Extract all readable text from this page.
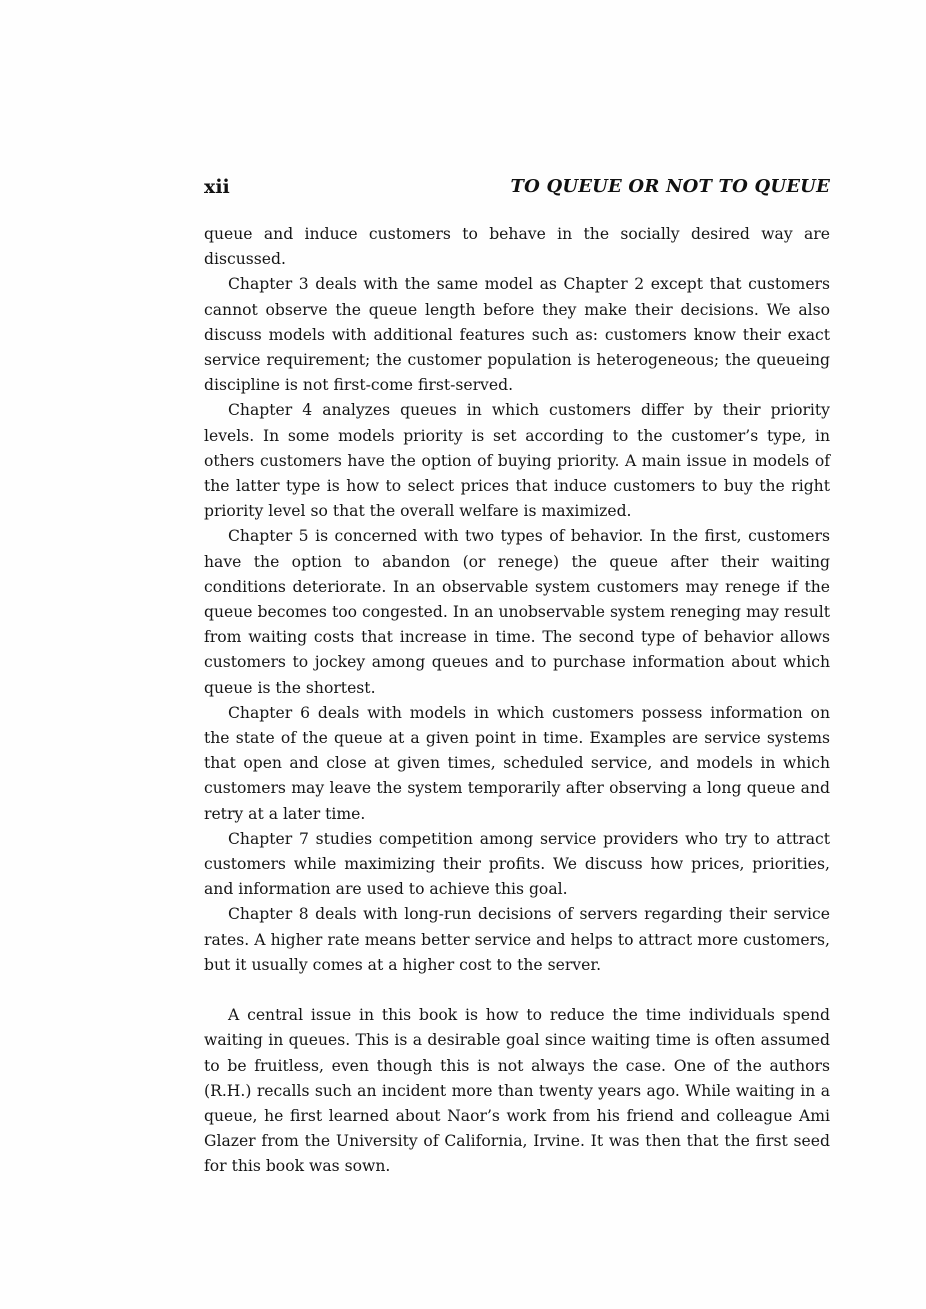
xii	TO QUEUE OR NOT TO QUEUE

queue and induce customers to behave in the socially desired way are discussed.

Chapter 3 deals with the same model as Chapter 2 except that customers cannot observe the queue length before they make their decisions. We also discuss models with additional features such as: customers know their exact service requirement; the customer population is heterogeneous; the queueing discipline is not first-come first-served.

Chapter 4 analyzes queues in which customers differ by their priority levels. In some models priority is set according to the customer’s type, in others customers have the option of buying priority. A main issue in models of the latter type is how to select prices that induce customers to buy the right priority level so that the overall welfare is maximized.

Chapter 5 is concerned with two types of behavior. In the first, customers have the option to abandon (or renege) the queue after their waiting conditions deteriorate. In an observable system customers may renege if the queue becomes too congested. In an unobservable system reneging may result from waiting costs that increase in time. The second type of behavior allows customers to jockey among queues and to purchase information about which queue is the shortest.

Chapter 6 deals with models in which customers possess information on the state of the queue at a given point in time. Examples are service systems that open and close at given times, scheduled service, and models in which customers may leave the system temporarily after observing a long queue and retry at a later time.

Chapter 7 studies competition among service providers who try to attract customers while maximizing their profits. We discuss how prices, priorities, and information are used to achieve this goal.

Chapter 8 deals with long-run decisions of servers regarding their service rates. A higher rate means better service and helps to attract more customers, but it usually comes at a higher cost to the server.

A central issue in this book is how to reduce the time individuals spend waiting in queues. This is a desirable goal since waiting time is often assumed to be fruitless, even though this is not always the case. One of the authors (R.H.) recalls such an incident more than twenty years ago. While waiting in a queue, he first learned about Naor’s work from his friend and colleague Ami Glazer from the University of California, Irvine. It was then that the first seed for this book was sown.
